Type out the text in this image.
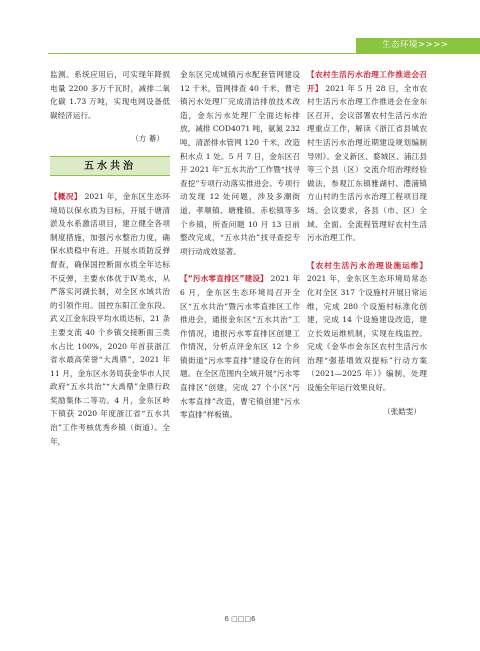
生态环境>>>>

监测。系统应用后，可实现年降损电量 2200 多万千瓦时，减排二氧化碳 1.73 万吨，实现电网设备低碳经济运行。

（方 綦）
五水共治

【概况】 2021 年，金东区生态环境局以保水质为目标，开展千塘清淤及水系激活项目，建立健全各项制度措施，加强污水整治力度，确保水质稳中有进。开展水质防反弹督查，确保国控断面水质全年达标不反弹，主要水体优于Ⅳ类水，从严落实河湖长制，对全区水域共治的引领作用。国控东阳江金东段、武义江金东段平均水质达标，21 条主要支流 40 个乡镇交接断面三类水占比 100%，2020 年首获浙江省水最高荣誉“大禹鼎”，2021 年 11 月，金东区水务局获金华市人民政府“五水共治”“大禹鼎”金鼎行政奖励集体二等功。4 月，金东区岭下镇获 2020 年度浙江省“五水共治”工作考核优秀乡镇（街道）。全年，

金东区完成城镇污水配套管网建设 12 千米，管网排查 40 千米，曹宅镇污水处理厂完成清洁排放技术改造，金东污水处理厂全面达标排放，减排 COD4071 吨，氨氮 232 吨，清淤排水管网 120 千米，改造积水点 1 处。5 月 7 日，金东区召开 2021 年“五水共治”工作暨“找寻查挖”专项行动落实推进会。专项行动发现 12 处问题，涉及多潮街道、孝顺镇、塘雅镇、赤松镇等多个乡镇，所查问题 10 月 13 日前整改完成，“五水共治”找寻查挖专项行动成效显著。

【“污水零直排区”建设】 2021 年 6 月，金东区生态环境局召开全区“五水共治”暨污水零直排区工作推进会，通报金东区“五水共治”工作情况，通报污水零直排区创建工作情况，分析点评金东区 12 个乡镇街道“污水零直排”建设存在的问题。在全区范围内全域开展“污水零直排区”创建，完成 27 个小区“污水零直排”改造，曹宅镇创建“污水零直排”样板镇。

【农村生活污水治理工作推进会召开】 2021 年 5 月 28 日，全市农村生活污水治理工作推进会在金东区召开，会议部署农村生活污水治理重点工作，解读《浙江省县城农村生活污水治理近期建设规划编制导则》。金义新区、婺城区、浦江县等三个县（区）交流介绍治理经验做法，参观江东镇雅湖村、澧浦镇方山村的生活污水治理工程项目现场。会议要求，各县（市、区）全域、全面、全流程管理好农村生活污水治理工作。

【农村生活污水治理设施运维】 2021 年，金东区生态环境局常态化对全区 317 个设施村开展日常运维，完成 280 个设施村标准化创建，完成 14 个设施建设改造，建立长效运维机制，实现在线监控。完成《金华市金东区农村生活污水治理“强基增效双提标”行动方案（2021—2025 年）》编制，处理设施全年运行效果良好。

（张皓雯）
6 □□□6
